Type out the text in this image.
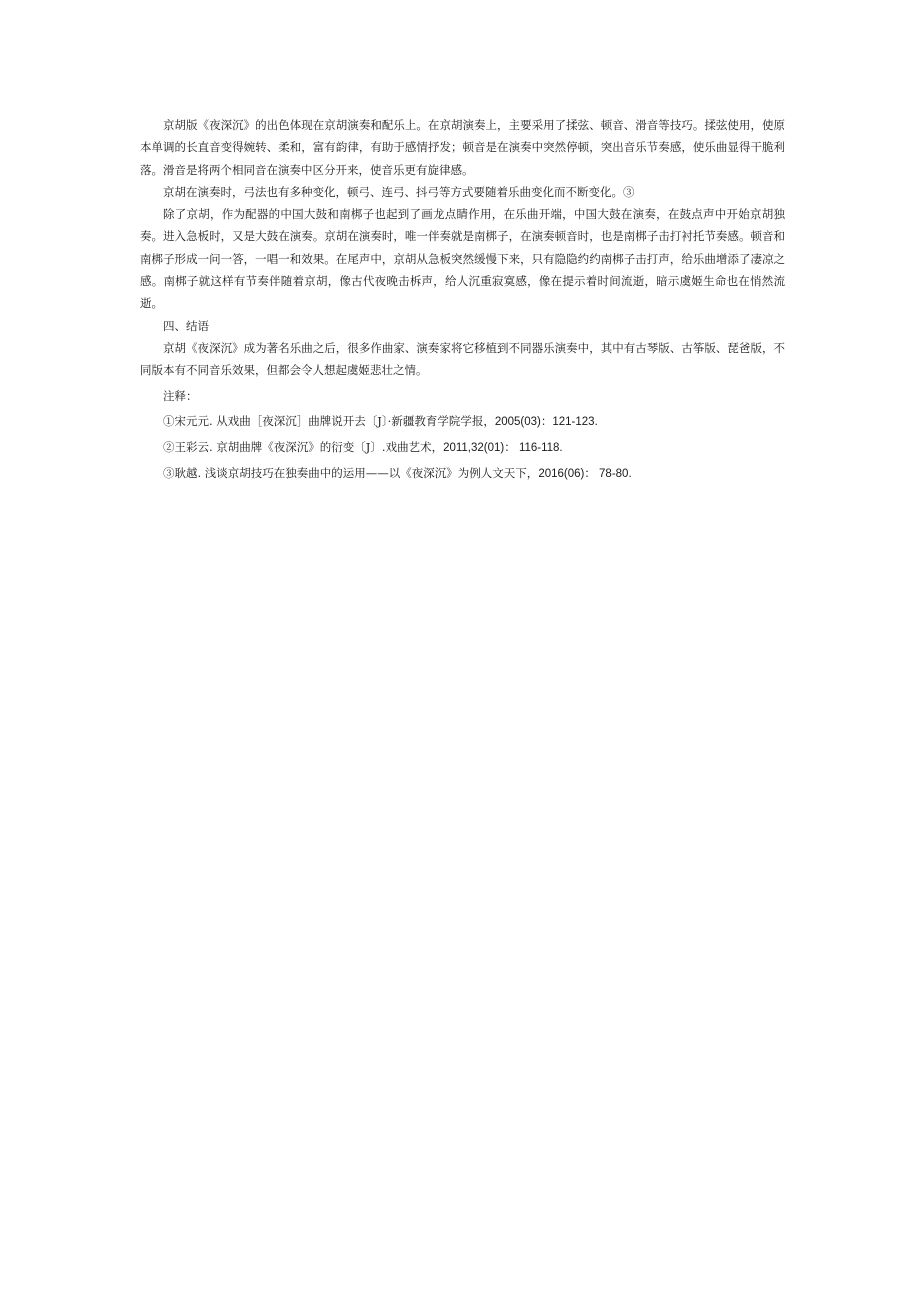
京胡版《夜深沉》的出色体现在京胡演奏和配乐上。在京胡演奏上，主要采用了揉弦、顿音、滑音等技巧。揉弦使用，使原本单调的长直音变得婉转、柔和，富有韵律，有助于感情抒发；顿音是在演奏中突然停顿，突出音乐节奏感，使乐曲显得干脆利落。滑音是将两个相同音在演奏中区分开来，使音乐更有旋律感。

京胡在演奏时，弓法也有多种变化，顿弓、连弓、抖弓等方式要随着乐曲变化而不断变化。③

除了京胡，作为配器的中国大鼓和南梆子也起到了画龙点睛作用，在乐曲开端，中国大鼓在演奏，在鼓点声中开始京胡独奏。进入急板时，又是大鼓在演奏。京胡在演奏时，唯一伴奏就是南梆子，在演奏顿音时，也是南梆子击打衬托节奏感。顿音和南梆子形成一问一答，一唱一和效果。在尾声中，京胡从急板突然缓慢下来，只有隐隐约约南梆子击打声，给乐曲增添了凄凉之感。南梆子就这样有节奏伴随着京胡，像古代夜晚击柝声，给人沉重寂寞感，像在提示着时间流逝，暗示虞姬生命也在悄然流逝。

四、结语

京胡《夜深沉》成为著名乐曲之后，很多作曲家、演奏家将它移植到不同器乐演奏中，其中有古琴版、古筝版、琵爸版，不同版本有不同音乐效果，但都会令人想起虞姬悲壮之情。

注释：

①宋元元. 从戏曲［夜深沉］曲牌说开去〔J〕·新疆教育学院学报，2005(03)：121-123.

②王彩云. 京胡曲牌《夜深沉》的衍变〔J〕.戏曲艺术，2011,32(01)： 116-118.

③耿越. 浅谈京胡技巧在独奏曲中的运用——以《夜深沉》为例人文天下，2016(06)： 78-80.
